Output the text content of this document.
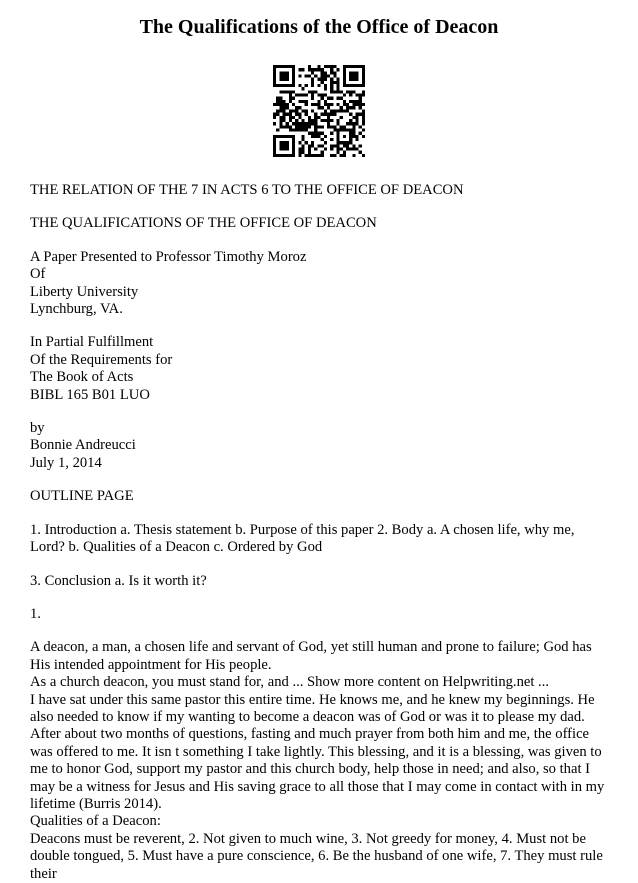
The Qualifications of the Office of Deacon

THE RELATION OF THE 7 IN ACTS 6 TO THE OFFICE OF DEACON

THE QUALIFICATIONS OF THE OFFICE OF DEACON

A Paper Presented to Professor Timothy Moroz
Of
Liberty University
Lynchburg, VA.

In Partial Fulfillment
Of the Requirements for
The Book of Acts
BIBL 165 B01 LUO

by
Bonnie Andreucci
July 1, 2014

OUTLINE PAGE

1. Introduction a. Thesis statement b. Purpose of this paper 2. Body a. A chosen life, why me, Lord? b. Qualities of a Deacon c. Ordered by God

3. Conclusion a. Is it worth it?

1.

A deacon, a man, a chosen life and servant of God, yet still human and prone to failure; God has His intended appointment for His people.

As a church deacon, you must stand for, and ... Show more content on Helpwriting.net ...

I have sat under this same pastor this entire time. He knows me, and he knew my beginnings. He also needed to know if my wanting to become a deacon was of God or was it to please my dad. After about two months of questions, fasting and much prayer from both him and me, the office was offered to me. It isn t something I take lightly. This blessing, and it is a blessing, was given to me to honor God, support my pastor and this church body, help those in need; and also, so that I may be a witness for Jesus and His saving grace to all those that I may come in contact with in my lifetime (Burris 2014).

Qualities of a Deacon:

Deacons must be reverent, 2. Not given to much wine, 3. Not greedy for money, 4. Must not be double tongued, 5. Must have a pure conscience, 6. Be the husband of one wife, 7. They must rule their
